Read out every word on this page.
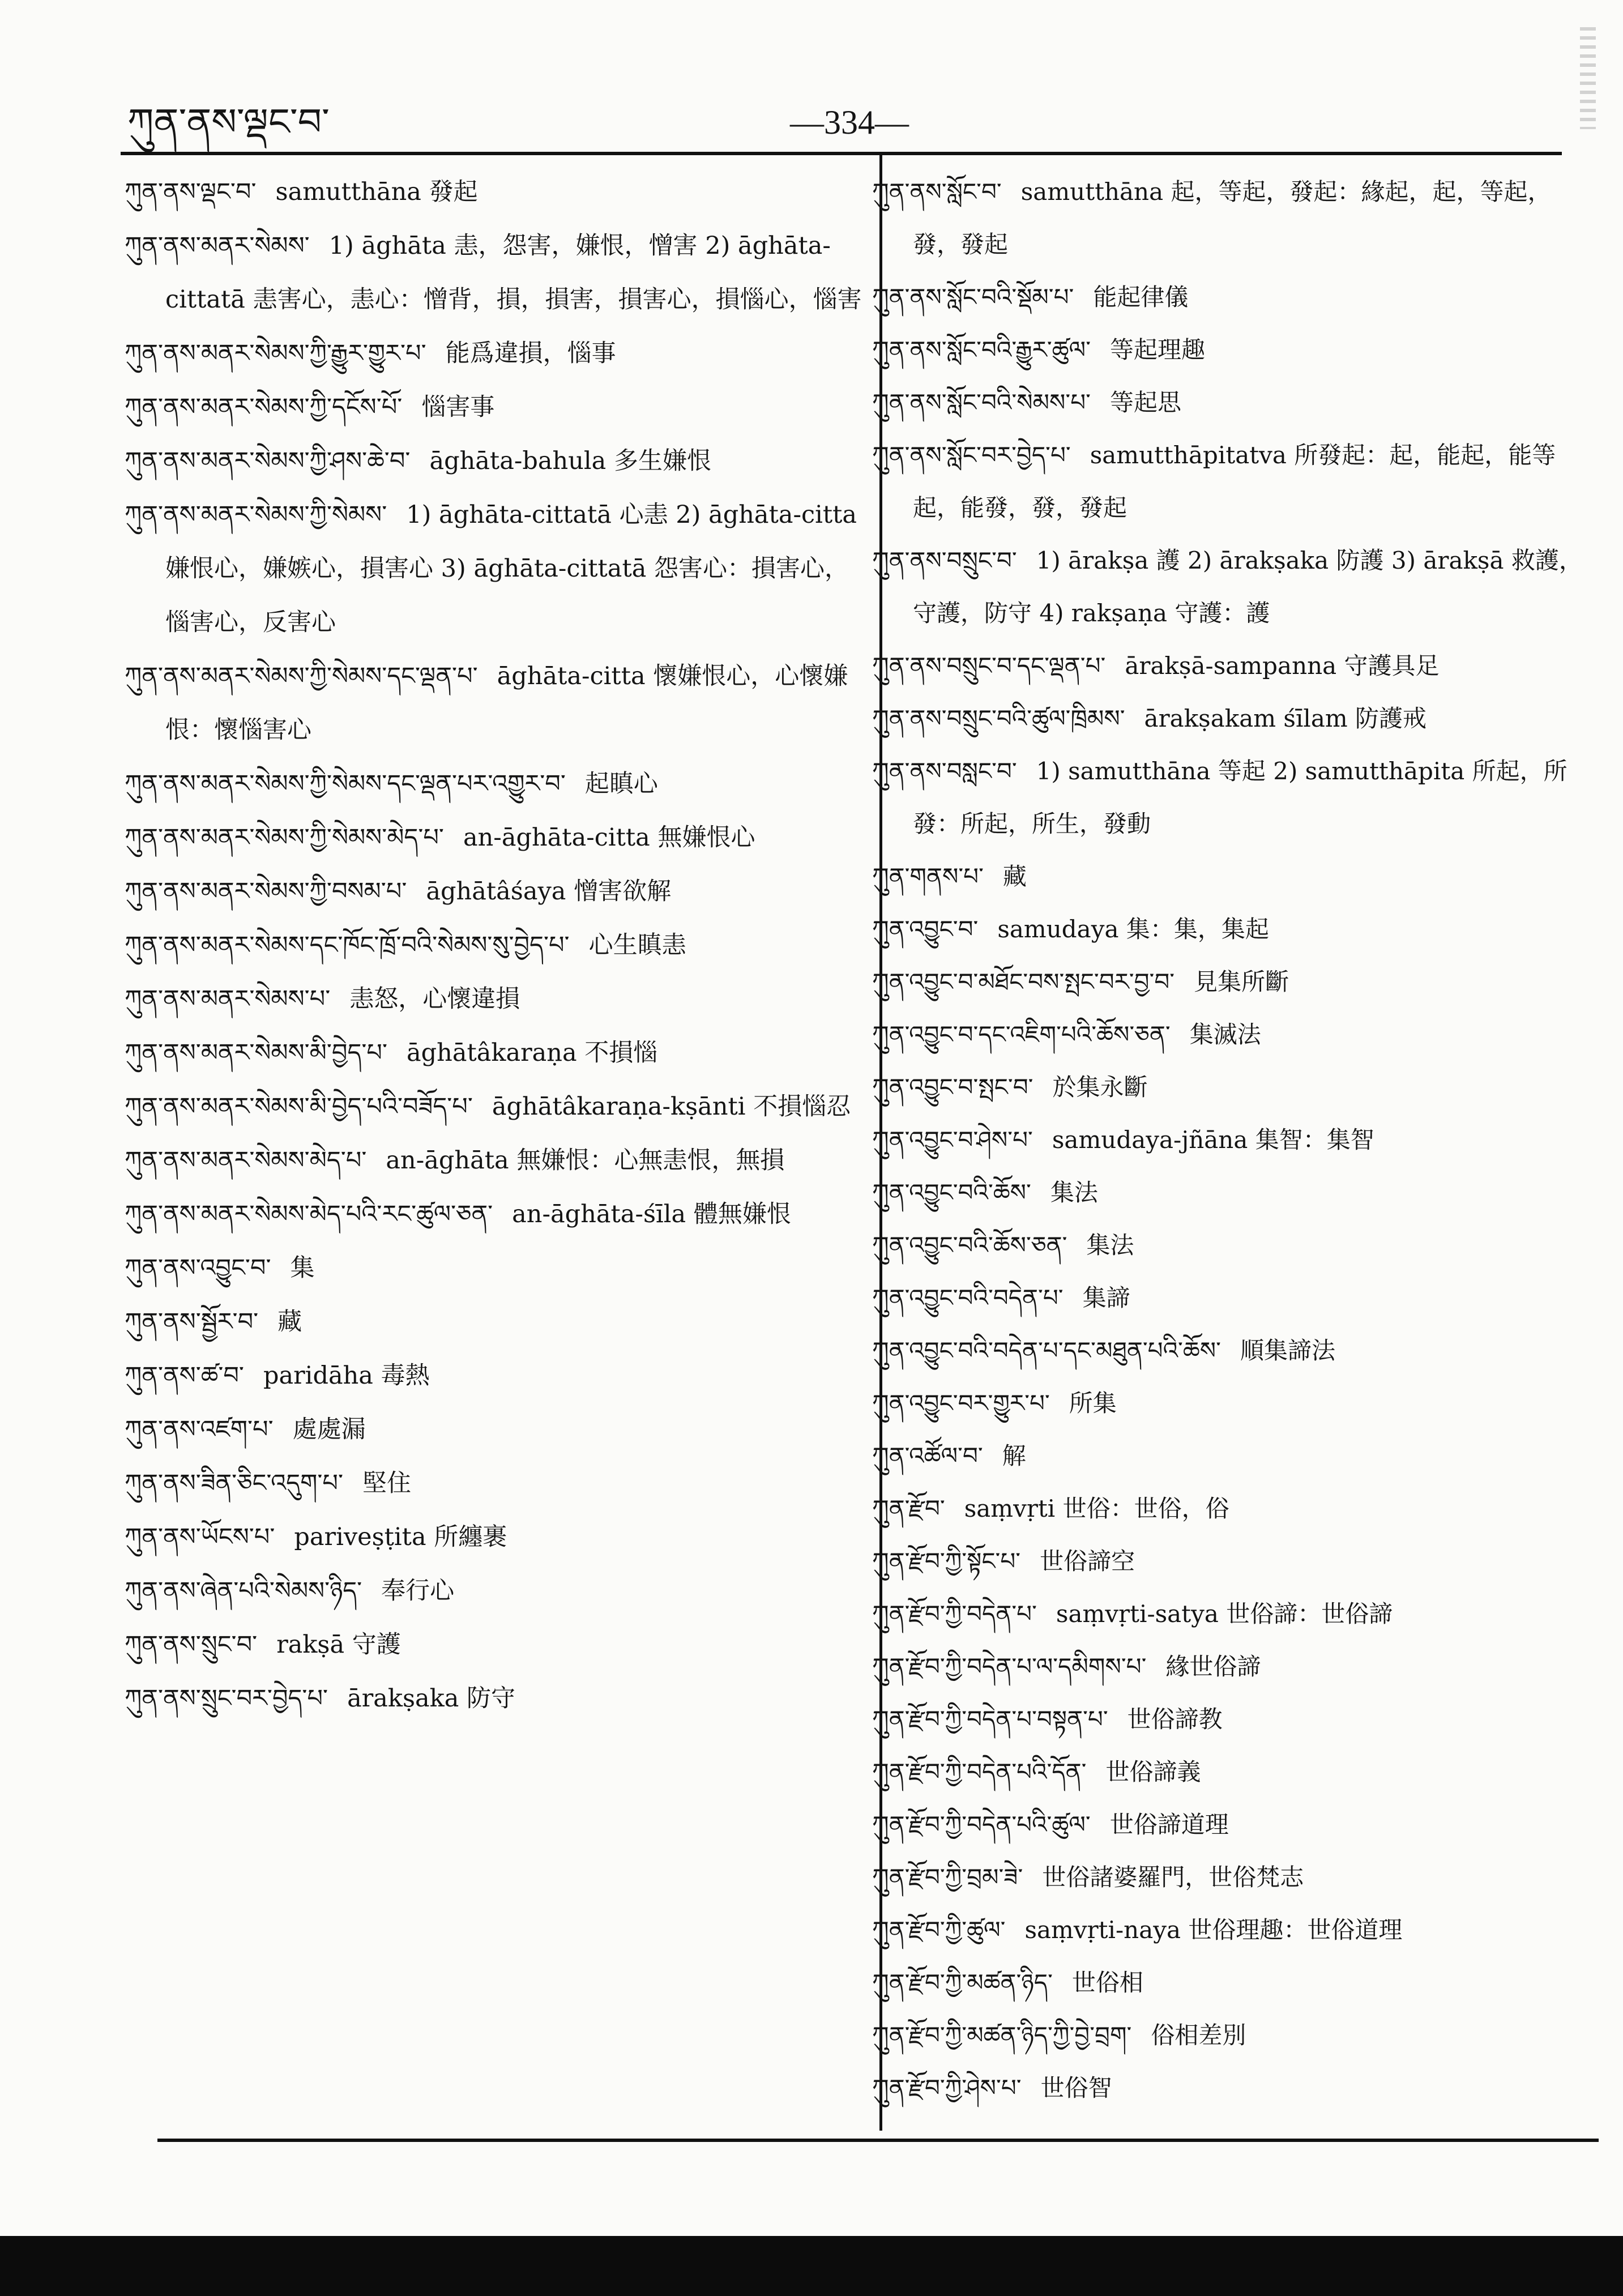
ཀུན་ནས་ལྡང་བ་	—334—

ཀུན་ནས་ལྡང་བ་ samutthāna 發起

ཀུན་ནས་མནར་སེམས་ 1) āghāta 恚，怨害，嫌恨，憎害 2) āghāta-cittatā 恚害心，恚心：憎背，損，損害，損害心，損惱心，惱害

ཀུན་ནས་མནར་སེམས་ཀྱི་རྒྱུར་གྱུར་པ་ 能爲違損，惱事

ཀུན་ནས་མནར་སེམས་ཀྱི་དངོས་པོ་ 惱害事

ཀུན་ནས་མནར་སེམས་ཀྱི་ཤས་ཆེ་བ་ āghāta-bahula 多生嫌恨

ཀུན་ནས་མནར་སེམས་ཀྱི་སེམས་ 1) āghāta-cittatā 心恚 2) āghāta-citta 嫌恨心，嫌嫉心，損害心 3) āghāta-cittatā 怨害心：損害心，惱害心，反害心

ཀུན་ནས་མནར་སེམས་ཀྱི་སེམས་དང་ལྡན་པ་ āghāta-citta 懷嫌恨心，心懷嫌恨：懷惱害心

ཀུན་ནས་མནར་སེམས་ཀྱི་སེམས་དང་ལྡན་པར་འགྱུར་བ་ 起瞋心

ཀུན་ནས་མནར་སེམས་ཀྱི་སེམས་མེད་པ་ an-āghāta-citta 無嫌恨心

ཀུན་ནས་མནར་སེམས་ཀྱི་བསམ་པ་ āghātâśaya 憎害欲解

ཀུན་ནས་མནར་སེམས་དང་ཁོང་ཁྲོ་བའི་སེམས་སུ་བྱེད་པ་ 心生瞋恚

ཀུན་ནས་མནར་སེམས་པ་ 恚怒，心懷違損

ཀུན་ནས་མནར་སེམས་མི་བྱེད་པ་ āghātâkaraṇa 不損惱

ཀུན་ནས་མནར་སེམས་མི་བྱེད་པའི་བཟོད་པ་ āghātâkaraṇa-kṣānti 不損惱忍

ཀུན་ནས་མནར་སེམས་མེད་པ་ an-āghāta 無嫌恨：心無恚恨，無損

ཀུན་ནས་མནར་སེམས་མེད་པའི་རང་ཚུལ་ཅན་ an-āghāta-śīla 體無嫌恨

ཀུན་ནས་འབྱུང་བ་ 集

ཀུན་ནས་སྦྱོར་བ་ 藏

ཀུན་ནས་ཚ་བ་ paridāha 毒熱

ཀུན་ནས་འཛག་པ་ 處處漏

ཀུན་ནས་ཟིན་ཅིང་འདུག་པ་ 堅住

ཀུན་ནས་ཡོངས་པ་ pariveṣṭita 所纏裹

ཀུན་ནས་ཞེན་པའི་སེམས་ཉིད་ 奉行心

ཀུན་ནས་སྲུང་བ་ rakṣā 守護

ཀུན་ནས་སྲུང་བར་བྱེད་པ་ ārakṣaka 防守

ཀུན་ནས་སློང་བ་ samutthāna 起，等起，發起：緣起，起，等起，發，發起

ཀུན་ནས་སློང་བའི་སྡོམ་པ་ 能起律儀

ཀུན་ནས་སློང་བའི་རྒྱུར་ཚུལ་ 等起理趣

ཀུན་ནས་སློང་བའི་སེམས་པ་ 等起思

ཀུན་ནས་སློང་བར་བྱེད་པ་ samutthāpitatva 所發起：起，能起，能等起，能發，發，發起

ཀུན་ནས་བསྲུང་བ་ 1) ārakṣa 護 2) ārakṣaka 防護 3) ārakṣā 救護，守護，防守 4) rakṣaṇa 守護：護

ཀུན་ནས་བསྲུང་བ་དང་ལྡན་པ་ ārakṣā-sampanna 守護具足

ཀུན་ནས་བསྲུང་བའི་ཚུལ་ཁྲིམས་ ārakṣakam śīlam 防護戒

ཀུན་ནས་བསླང་བ་ 1) samutthāna 等起 2) samutthāpita 所起，所發：所起，所生，發動

ཀུན་གནས་པ་ 藏

ཀུན་འབྱུང་བ་ samudaya 集：集，集起

ཀུན་འབྱུང་བ་མཐོང་བས་སྤང་བར་བྱ་བ་ 見集所斷

ཀུན་འབྱུང་བ་དང་འཇིག་པའི་ཆོས་ཅན་ 集滅法

ཀུན་འབྱུང་བ་སྤང་བ་ 於集永斷

ཀུན་འབྱུང་བ་ཤེས་པ་ samudaya-jñāna 集智：集智

ཀུན་འབྱུང་བའི་ཆོས་ 集法

ཀུན་འབྱུང་བའི་ཆོས་ཅན་ 集法

ཀུན་འབྱུང་བའི་བདེན་པ་ 集諦

ཀུན་འབྱུང་བའི་བདེན་པ་དང་མཐུན་པའི་ཆོས་ 順集諦法

ཀུན་འབྱུང་བར་གྱུར་པ་ 所集

ཀུན་འཚོལ་བ་ 解

ཀུན་རྫོབ་ saṃvṛti 世俗：世俗，俗

ཀུན་རྫོབ་ཀྱི་སྟོང་པ་ 世俗諦空

ཀུན་རྫོབ་ཀྱི་བདེན་པ་ saṃvṛti-satya 世俗諦：世俗諦

ཀུན་རྫོབ་ཀྱི་བདེན་པ་ལ་དམིགས་པ་ 緣世俗諦

ཀུན་རྫོབ་ཀྱི་བདེན་པ་བསྟན་པ་ 世俗諦教

ཀུན་རྫོབ་ཀྱི་བདེན་པའི་དོན་ 世俗諦義

ཀུན་རྫོབ་ཀྱི་བདེན་པའི་ཚུལ་ 世俗諦道理

ཀུན་རྫོབ་ཀྱི་བྲམ་ཟེ་ 世俗諸婆羅門，世俗梵志

ཀུན་རྫོབ་ཀྱི་ཚུལ་ saṃvṛti-naya 世俗理趣：世俗道理

ཀུན་རྫོབ་ཀྱི་མཚན་ཉིད་ 世俗相

ཀུན་རྫོབ་ཀྱི་མཚན་ཉིད་ཀྱི་བྱེ་བྲག་ 俗相差別

ཀུན་རྫོབ་ཀྱི་ཤེས་པ་ 世俗智
